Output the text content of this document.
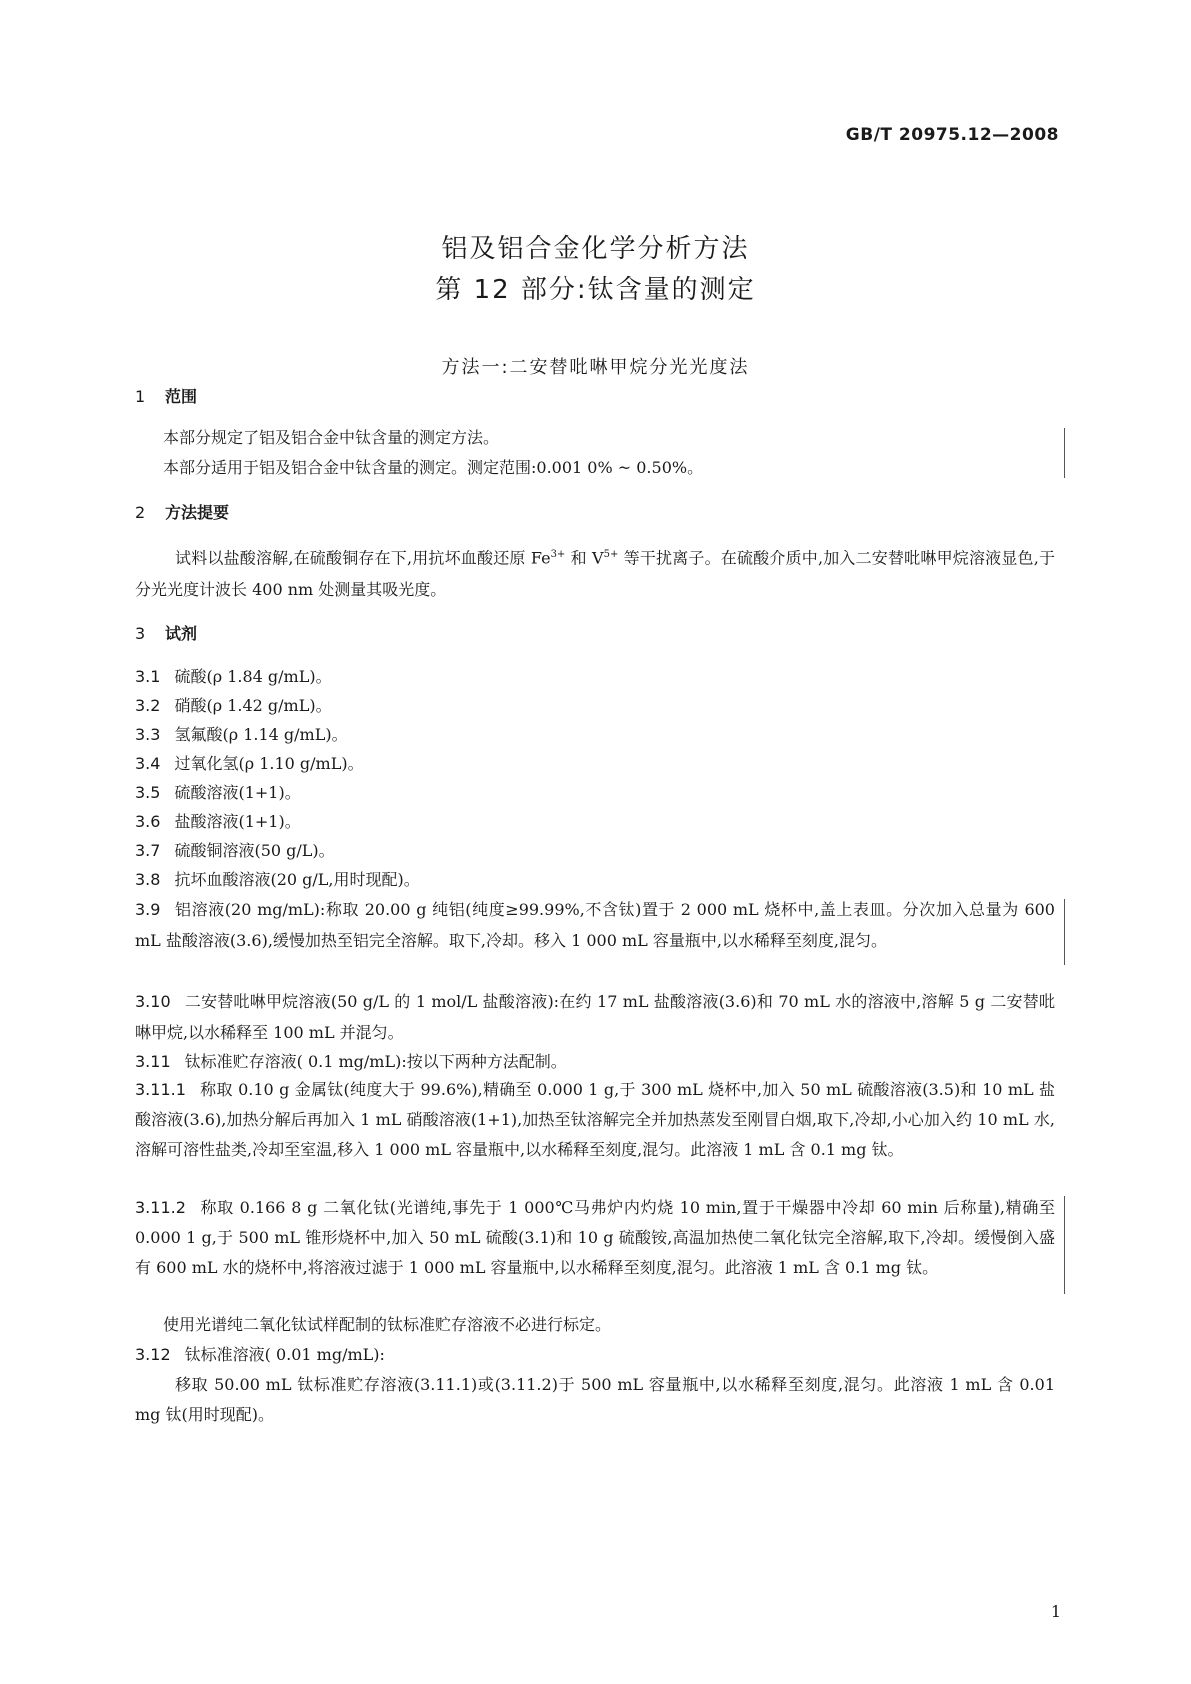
GB/T 20975.12—2008
铝及铝合金化学分析方法
第 12 部分:钛含量的测定
方法一:二安替吡啉甲烷分光光度法
1 范围
本部分规定了铝及铝合金中钛含量的测定方法。
本部分适用于铝及铝合金中钛含量的测定。测定范围:0.001 0% ~ 0.50%。
2 方法提要
试料以盐酸溶解,在硫酸铜存在下,用抗坏血酸还原 $Fe^{3+}$ 和 $V^{5+}$ 等干扰离子。在硫酸介质中,加入二安替吡啉甲烷溶液显色,于分光光度计波长 400 nm 处测量其吸光度。
3 试剂
3.1 硫酸(ρ 1.84 g/mL)。
3.2 硝酸(ρ 1.42 g/mL)。
3.3 氢氟酸(ρ 1.14 g/mL)。
3.4 过氧化氢(ρ 1.10 g/mL)。
3.5 硫酸溶液(1+1)。
3.6 盐酸溶液(1+1)。
3.7 硫酸铜溶液(50 g/L)。
3.8 抗坏血酸溶液(20 g/L,用时现配)。
3.9 铝溶液(20 mg/mL):称取 20.00 g 纯铝(纯度≥99.99%,不含钛)置于 2 000 mL 烧杯中,盖上表皿。分次加入总量为 600 mL 盐酸溶液(3.6),缓慢加热至铝完全溶解。取下,冷却。移入 1 000 mL 容量瓶中,以水稀释至刻度,混匀。
3.10 二安替吡啉甲烷溶液(50 g/L 的 1 mol/L 盐酸溶液):在约 17 mL 盐酸溶液(3.6)和 70 mL 水的溶液中,溶解 5 g 二安替吡啉甲烷,以水稀释至 100 mL 并混匀。
3.11 钛标准贮存溶液( 0.1 mg/mL):按以下两种方法配制。
3.11.1 称取 0.10 g 金属钛(纯度大于 99.6%),精确至 0.000 1 g,于 300 mL 烧杯中,加入 50 mL 硫酸溶液(3.5)和 10 mL 盐酸溶液(3.6),加热分解后再加入 1 mL 硝酸溶液(1+1),加热至钛溶解完全并加热蒸发至刚冒白烟,取下,冷却,小心加入约 10 mL 水,溶解可溶性盐类,冷却至室温,移入 1 000 mL 容量瓶中,以水稀释至刻度,混匀。此溶液 1 mL 含 0.1 mg 钛。
3.11.2 称取 0.166 8 g 二氧化钛(光谱纯,事先于 1 000℃马弗炉内灼烧 10 min,置于干燥器中冷却 60 min 后称量),精确至 0.000 1 g,于 500 mL 锥形烧杯中,加入 50 mL 硫酸(3.1)和 10 g 硫酸铵,高温加热使二氧化钛完全溶解,取下,冷却。缓慢倒入盛有 600 mL 水的烧杯中,将溶液过滤于 1 000 mL 容量瓶中,以水稀释至刻度,混匀。此溶液 1 mL 含 0.1 mg 钛。
使用光谱纯二氧化钛试样配制的钛标准贮存溶液不必进行标定。
3.12 钛标准溶液( 0.01 mg/mL):
移取 50.00 mL 钛标准贮存溶液(3.11.1)或(3.11.2)于 500 mL 容量瓶中,以水稀释至刻度,混匀。此溶液 1 mL 含 0.01 mg 钛(用时现配)。
1
